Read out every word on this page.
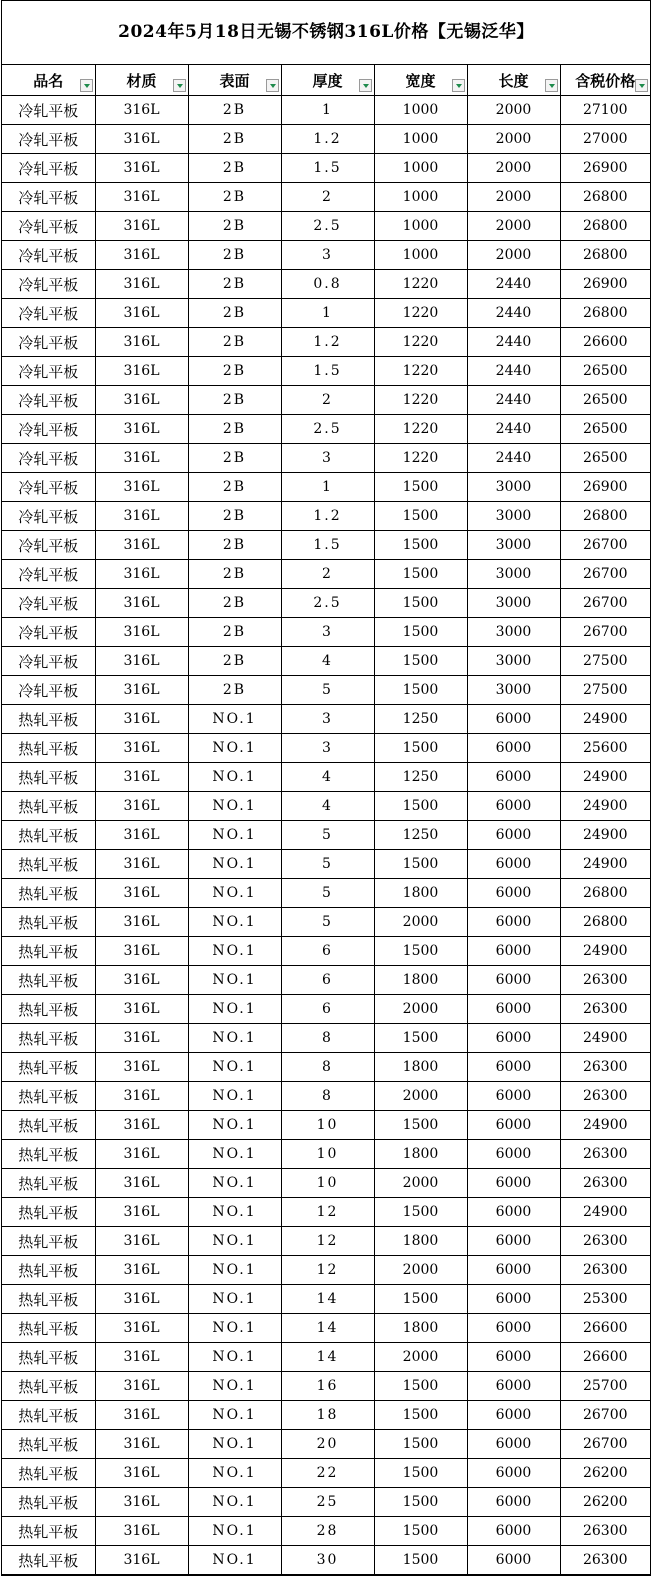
2024年5月18日无锡不锈钢316L价格【无锡泛华】
品名	材质	表面	厚度	宽度	长度	含税价格

冷轧平板	316L	2B	1	1000	2000	27100
冷轧平板	316L	2B	1.2	1000	2000	27000
冷轧平板	316L	2B	1.5	1000	2000	26900
冷轧平板	316L	2B	2	1000	2000	26800
冷轧平板	316L	2B	2.5	1000	2000	26800
冷轧平板	316L	2B	3	1000	2000	26800
冷轧平板	316L	2B	0.8	1220	2440	26900
冷轧平板	316L	2B	1	1220	2440	26800
冷轧平板	316L	2B	1.2	1220	2440	26600
冷轧平板	316L	2B	1.5	1220	2440	26500
冷轧平板	316L	2B	2	1220	2440	26500
冷轧平板	316L	2B	2.5	1220	2440	26500
冷轧平板	316L	2B	3	1220	2440	26500
冷轧平板	316L	2B	1	1500	3000	26900
冷轧平板	316L	2B	1.2	1500	3000	26800
冷轧平板	316L	2B	1.5	1500	3000	26700
冷轧平板	316L	2B	2	1500	3000	26700
冷轧平板	316L	2B	2.5	1500	3000	26700
冷轧平板	316L	2B	3	1500	3000	26700
冷轧平板	316L	2B	4	1500	3000	27500
冷轧平板	316L	2B	5	1500	3000	27500
热轧平板	316L	NO.1	3	1250	6000	24900
热轧平板	316L	NO.1	3	1500	6000	25600
热轧平板	316L	NO.1	4	1250	6000	24900
热轧平板	316L	NO.1	4	1500	6000	24900
热轧平板	316L	NO.1	5	1250	6000	24900
热轧平板	316L	NO.1	5	1500	6000	24900
热轧平板	316L	NO.1	5	1800	6000	26800
热轧平板	316L	NO.1	5	2000	6000	26800
热轧平板	316L	NO.1	6	1500	6000	24900
热轧平板	316L	NO.1	6	1800	6000	26300
热轧平板	316L	NO.1	6	2000	6000	26300
热轧平板	316L	NO.1	8	1500	6000	24900
热轧平板	316L	NO.1	8	1800	6000	26300
热轧平板	316L	NO.1	8	2000	6000	26300
热轧平板	316L	NO.1	10	1500	6000	24900
热轧平板	316L	NO.1	10	1800	6000	26300
热轧平板	316L	NO.1	10	2000	6000	26300
热轧平板	316L	NO.1	12	1500	6000	24900
热轧平板	316L	NO.1	12	1800	6000	26300
热轧平板	316L	NO.1	12	2000	6000	26300
热轧平板	316L	NO.1	14	1500	6000	25300
热轧平板	316L	NO.1	14	1800	6000	26600
热轧平板	316L	NO.1	14	2000	6000	26600
热轧平板	316L	NO.1	16	1500	6000	25700
热轧平板	316L	NO.1	18	1500	6000	26700
热轧平板	316L	NO.1	20	1500	6000	26700
热轧平板	316L	NO.1	22	1500	6000	26200
热轧平板	316L	NO.1	25	1500	6000	26200
热轧平板	316L	NO.1	28	1500	6000	26300
热轧平板	316L	NO.1	30	1500	6000	26300
